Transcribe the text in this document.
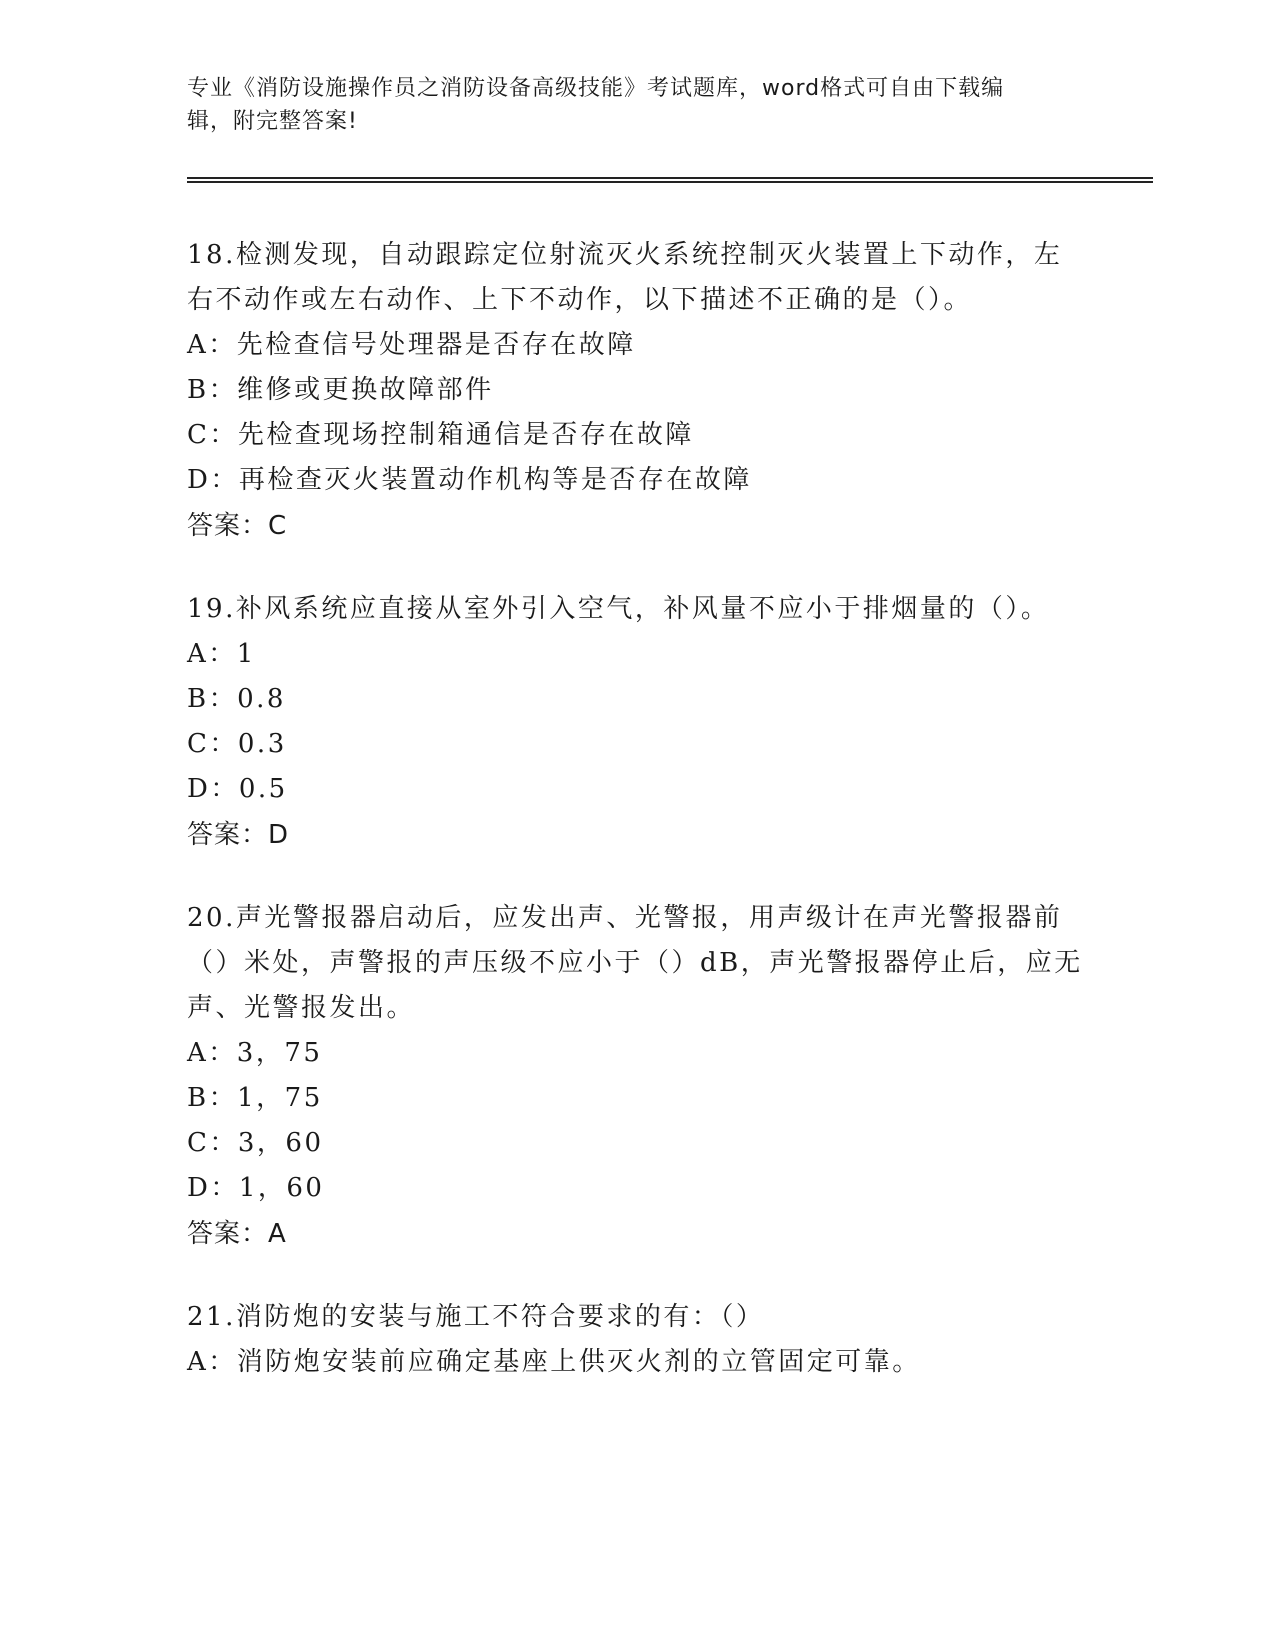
专业《消防设施操作员之消防设备高级技能》考试题库，word格式可自由下载编
辑，附完整答案!
18.检测发现，自动跟踪定位射流灭火系统控制灭火装置上下动作，左右不动作或左右动作、上下不动作，以下描述不正确的是（）。
A：先检查信号处理器是否存在故障
B：维修或更换故障部件
C：先检查现场控制箱通信是否存在故障
D：再检查灭火装置动作机构等是否存在故障
答案：C
19.补风系统应直接从室外引入空气，补风量不应小于排烟量的（）。
A：1
B：0.8
C：0.3
D：0.5
答案：D
20.声光警报器启动后，应发出声、光警报，用声级计在声光警报器前（）米处，声警报的声压级不应小于（）dB，声光警报器停止后，应无声、光警报发出。
A：3，75
B：1，75
C：3，60
D：1，60
答案：A
21.消防炮的安装与施工不符合要求的有：（）
A：消防炮安装前应确定基座上供灭火剂的立管固定可靠。
